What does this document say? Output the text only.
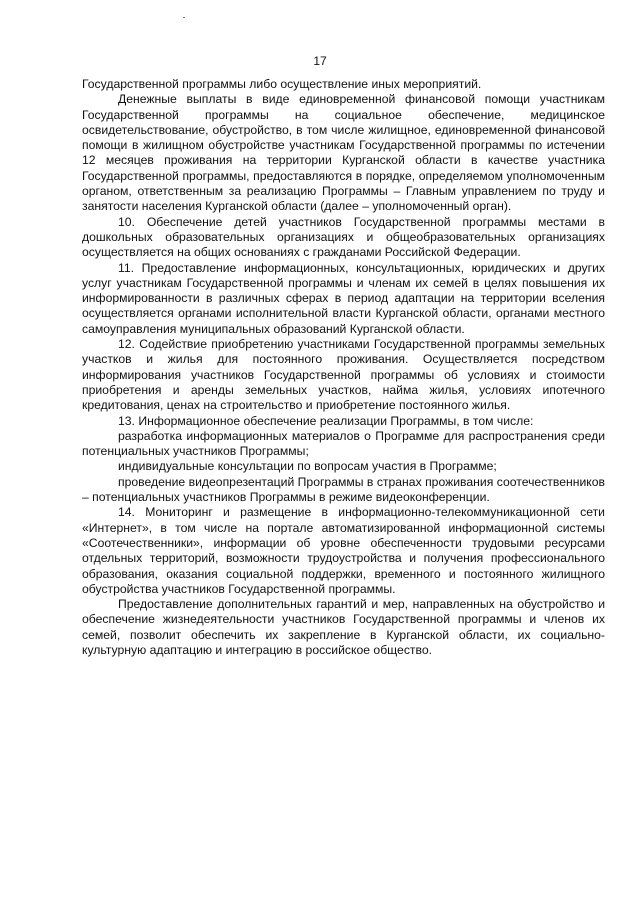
17

Государственной программы либо осуществление иных мероприятий.

Денежные выплаты в виде единовременной финансовой помощи участникам Государственной программы на социальное обеспечение, медицинское освидетельствование, обустройство, в том числе жилищное, единовременной финансовой помощи в жилищном обустройстве участникам Государственной программы по истечении 12 месяцев проживания на территории Курганской области в качестве участника Государственной программы, предоставляются в порядке, определяемом уполномоченным органом, ответственным за реализацию Программы – Главным управлением по труду и занятости населения Курганской области (далее – уполномоченный орган).

10. Обеспечение детей участников Государственной программы местами в дошкольных образовательных организациях и общеобразовательных организациях осуществляется на общих основаниях с гражданами Российской Федерации.

11. Предоставление информационных, консультационных, юридических и других услуг участникам Государственной программы и членам их семей в целях повышения их информированности в различных сферах в период адаптации на территории вселения осуществляется органами исполнительной власти Курганской области, органами местного самоуправления муниципальных образований Курганской области.

12. Содействие приобретению участниками Государственной программы земельных участков и жилья для постоянного проживания. Осуществляется посредством информирования участников Государственной программы об условиях и стоимости приобретения и аренды земельных участков, найма жилья, условиях ипотечного кредитования, ценах на строительство и приобретение постоянного жилья.

13. Информационное обеспечение реализации Программы, в том числе:

разработка информационных материалов о Программе для распространения среди потенциальных участников Программы;

индивидуальные консультации по вопросам участия в Программе;

проведение видеопрезентаций Программы в странах проживания соотечественников – потенциальных участников Программы в режиме видеоконференции.

14. Мониторинг и размещение в информационно-телекоммуникационной сети «Интернет», в том числе на портале автоматизированной информационной системы «Соотечественники», информации об уровне обеспеченности трудовыми ресурсами отдельных территорий, возможности трудоустройства и получения профессионального образования, оказания социальной поддержки, временного и постоянного жилищного обустройства участников Государственной программы.

Предоставление дополнительных гарантий и мер, направленных на обустройство и обеспечение жизнедеятельности участников Государственной программы и членов их семей, позволит обеспечить их закрепление в Курганской области, их социально-культурную адаптацию и интеграцию в российское общество.
